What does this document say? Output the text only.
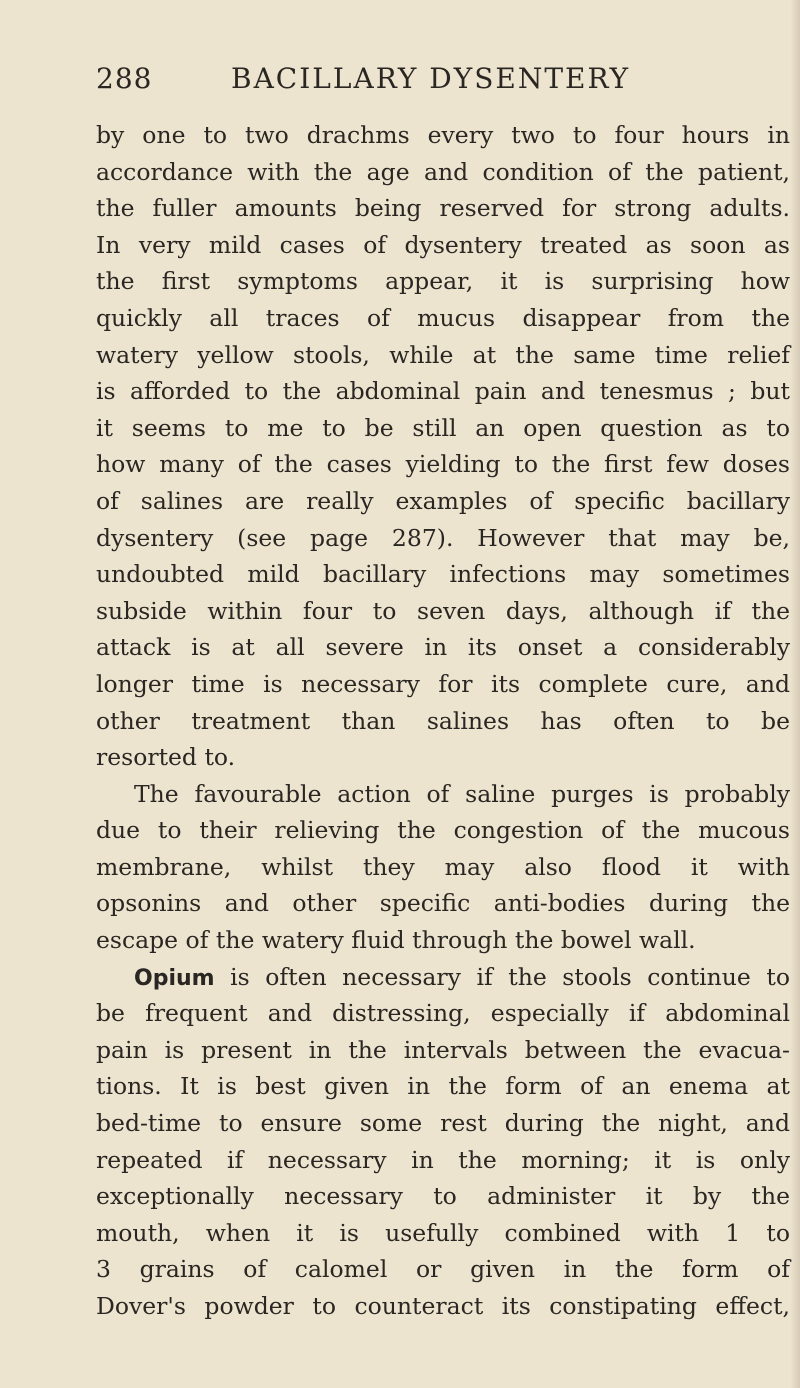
288	BACILLARY DYSENTERY
by one to two drachms every two to four hours in
accordance with the age and condition of the patient,
the fuller amounts being reserved for strong adults.
In very mild cases of dysentery treated as soon as
the first symptoms appear, it is surprising how
quickly all traces of mucus disappear from the
watery yellow stools, while at the same time relief
is afforded to the abdominal pain and tenesmus ; but
it seems to me to be still an open question as to
how many of the cases yielding to the first few doses
of salines are really examples of specific bacillary
dysentery (see page 287). However that may be,
undoubted mild bacillary infections may sometimes
subside within four to seven days, although if the
attack is at all severe in its onset a considerably
longer time is necessary for its complete cure, and
other treatment than salines has often to be
resorted to.
The favourable action of saline purges is probably
due to their relieving the congestion of the mucous
membrane, whilst they may also flood it with
opsonins and other specific anti-bodies during the
escape of the watery fluid through the bowel wall.
Opium is often necessary if the stools continue to
be frequent and distressing, especially if abdominal
pain is present in the intervals between the evacua-
tions. It is best given in the form of an enema at
bed-time to ensure some rest during the night, and
repeated if necessary in the morning; it is only
exceptionally necessary to administer it by the
mouth, when it is usefully combined with 1 to
3 grains of calomel or given in the form of
Dover's powder to counteract its constipating effect,
